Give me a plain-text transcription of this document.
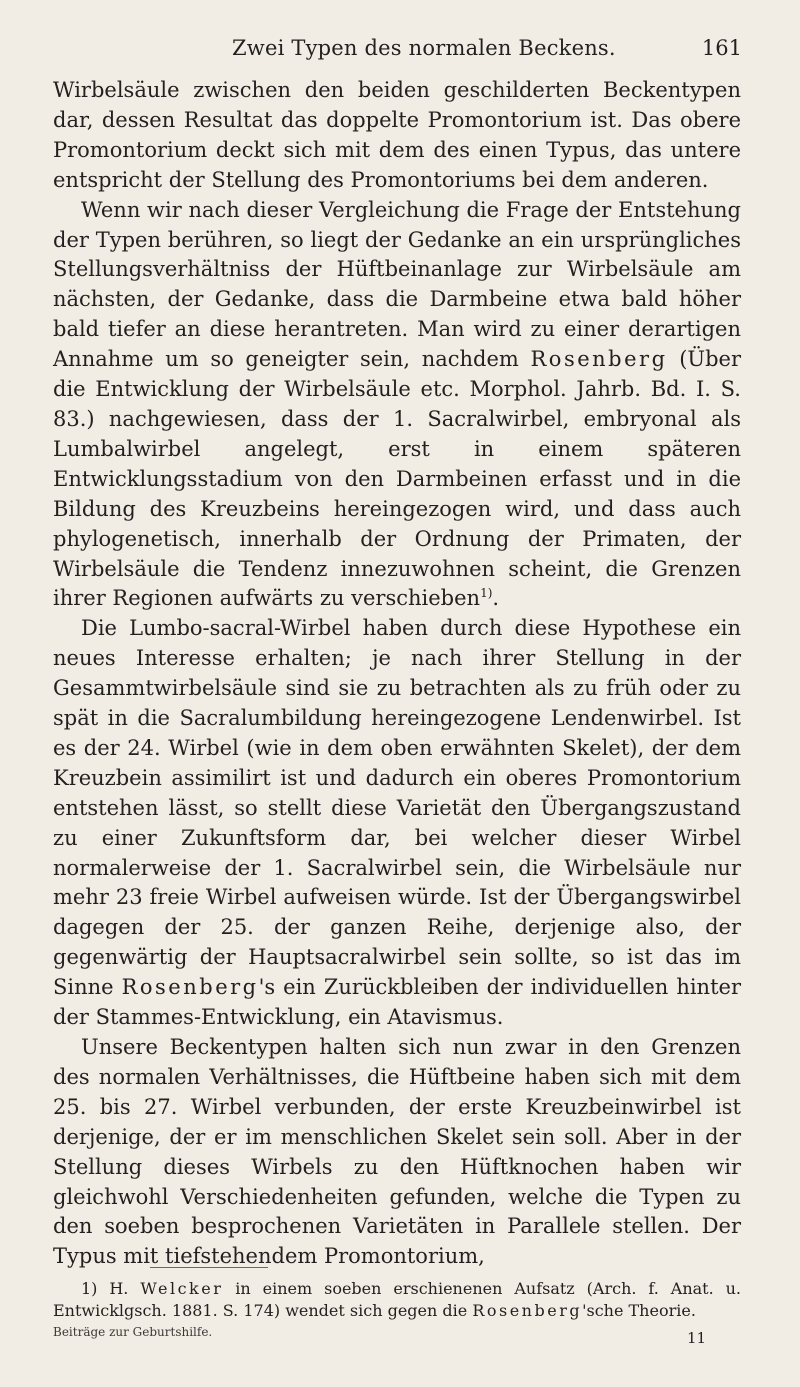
Zwei Typen des normalen Beckens.	161

Wirbelsäule zwischen den beiden geschilderten Beckentypen dar, dessen Resultat das doppelte Promontorium ist. Das obere Promontorium deckt sich mit dem des einen Typus, das untere entspricht der Stellung des Promontoriums bei dem anderen.

Wenn wir nach dieser Vergleichung die Frage der Entstehung der Typen berühren, so liegt der Gedanke an ein ursprüngliches Stellungsverhältniss der Hüftbeinanlage zur Wirbelsäule am nächsten, der Gedanke, dass die Darmbeine etwa bald höher bald tiefer an diese herantreten. Man wird zu einer derartigen Annahme um so geneigter sein, nachdem Rosenberg (Über die Entwicklung der Wirbelsäule etc. Morphol. Jahrb. Bd. I. S. 83.) nachgewiesen, dass der 1. Sacralwirbel, embryonal als Lumbalwirbel angelegt, erst in einem späteren Entwicklungsstadium von den Darmbeinen erfasst und in die Bildung des Kreuzbeins hereingezogen wird, und dass auch phylogenetisch, innerhalb der Ordnung der Primaten, der Wirbelsäule die Tendenz innezuwohnen scheint, die Grenzen ihrer Regionen aufwärts zu verschieben$^{1)}$.

Die Lumbo-sacral-Wirbel haben durch diese Hypothese ein neues Interesse erhalten; je nach ihrer Stellung in der Gesammtwirbelsäule sind sie zu betrachten als zu früh oder zu spät in die Sacralumbildung hereingezogene Lendenwirbel. Ist es der 24. Wirbel (wie in dem oben erwähnten Skelet), der dem Kreuzbein assimilirt ist und dadurch ein oberes Promontorium entstehen lässt, so stellt diese Varietät den Übergangszustand zu einer Zukunftsform dar, bei welcher dieser Wirbel normalerweise der 1. Sacralwirbel sein, die Wirbelsäule nur mehr 23 freie Wirbel aufweisen würde. Ist der Übergangswirbel dagegen der 25. der ganzen Reihe, derjenige also, der gegenwärtig der Hauptsacralwirbel sein sollte, so ist das im Sinne Rosenberg's ein Zurückbleiben der individuellen hinter der Stammes-Entwicklung, ein Atavismus.

Unsere Beckentypen halten sich nun zwar in den Grenzen des normalen Verhältnisses, die Hüftbeine haben sich mit dem 25. bis 27. Wirbel verbunden, der erste Kreuzbeinwirbel ist derjenige, der er im menschlichen Skelet sein soll. Aber in der Stellung dieses Wirbels zu den Hüftknochen haben wir gleichwohl Verschiedenheiten gefunden, welche die Typen zu den soeben besprochenen Varietäten in Parallele stellen. Der Typus mit tiefstehendem Promontorium,

1) H. Welcker in einem soeben erschienenen Aufsatz (Arch. f. Anat. u. Entwicklgsch. 1881. S. 174) wendet sich gegen die Rosenberg'sche Theorie.

Beiträge zur Geburtshilfe.	11
